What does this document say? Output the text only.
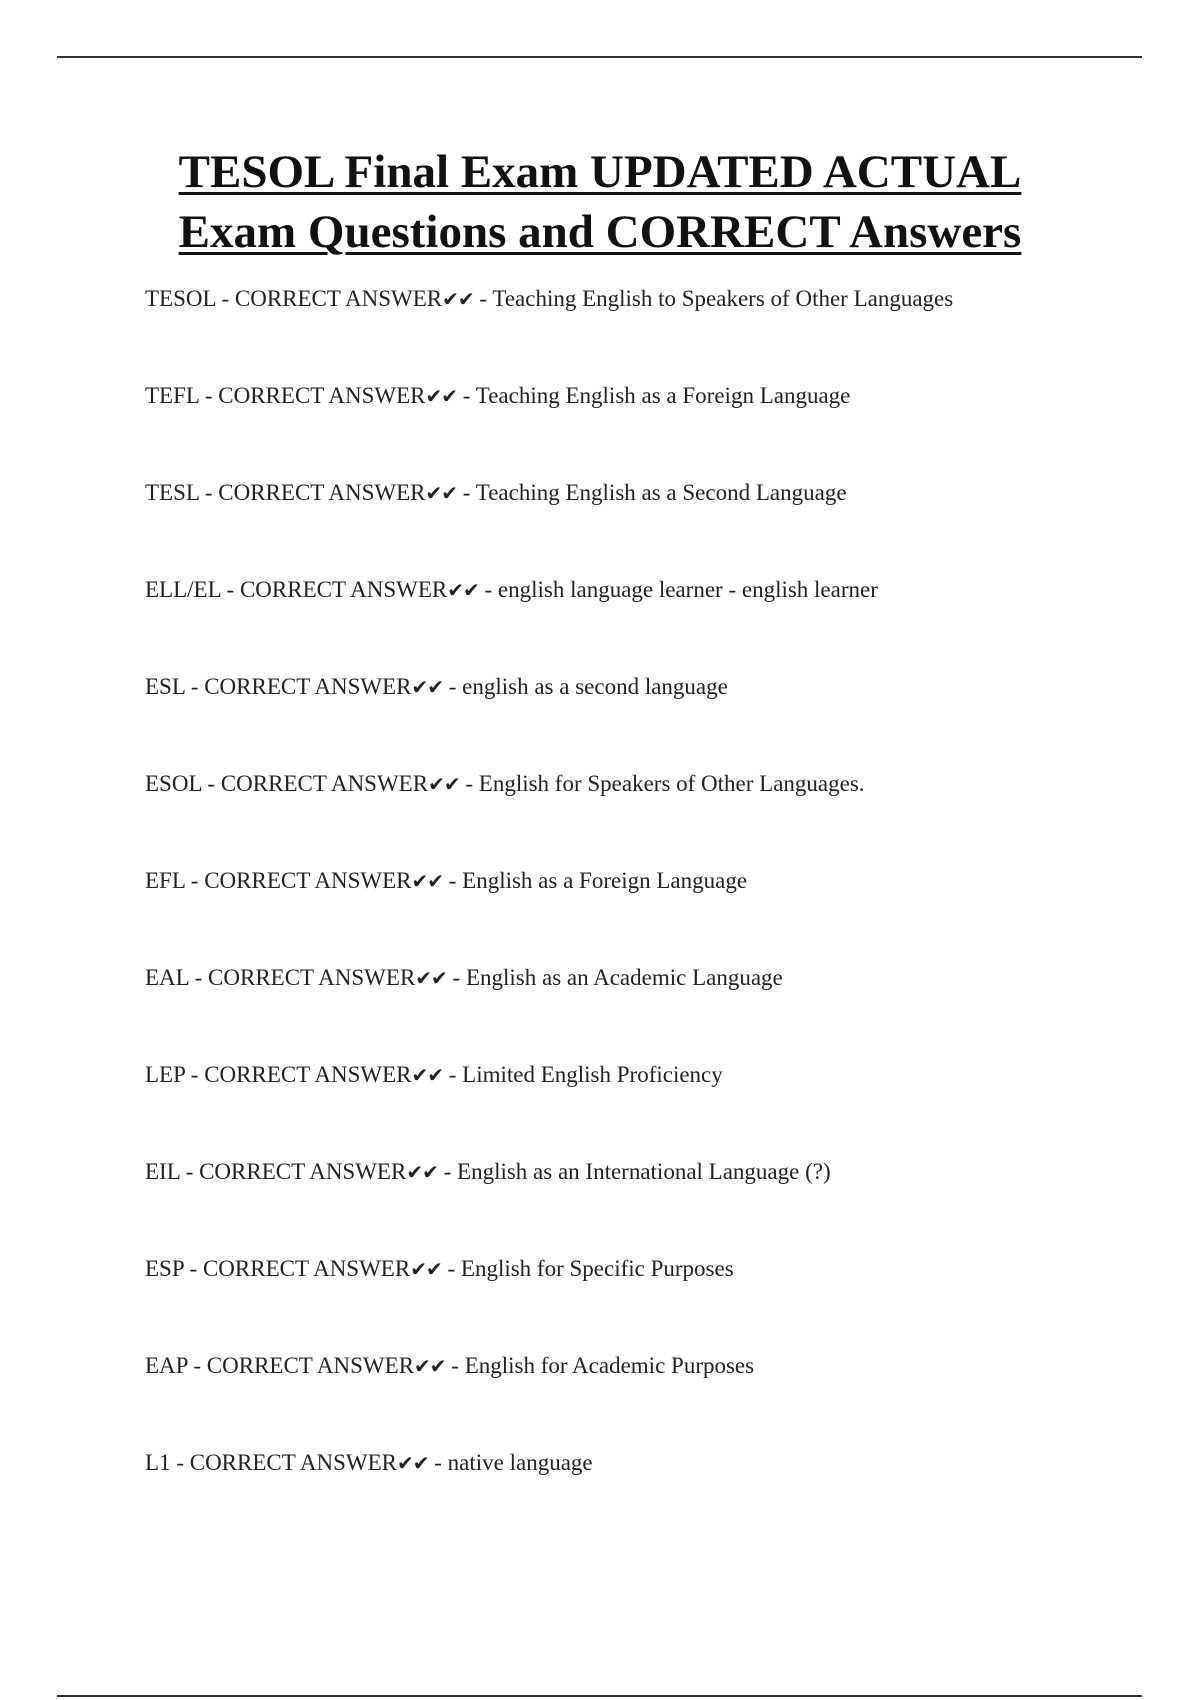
TESOL Final Exam UPDATED ACTUAL
Exam Questions and CORRECT Answers
TESOL - CORRECT ANSWER✔✔ - Teaching English to Speakers of Other Languages
TEFL - CORRECT ANSWER✔✔ - Teaching English as a Foreign Language
TESL - CORRECT ANSWER✔✔ - Teaching English as a Second Language
ELL/EL - CORRECT ANSWER✔✔ - english language learner - english learner
ESL - CORRECT ANSWER✔✔ - english as a second language
ESOL - CORRECT ANSWER✔✔ - English for Speakers of Other Languages.
EFL - CORRECT ANSWER✔✔ - English as a Foreign Language
EAL - CORRECT ANSWER✔✔ - English as an Academic Language
LEP - CORRECT ANSWER✔✔ - Limited English Proficiency
EIL - CORRECT ANSWER✔✔ - English as an International Language (?)
ESP - CORRECT ANSWER✔✔ - English for Specific Purposes
EAP - CORRECT ANSWER✔✔ - English for Academic Purposes
L1 - CORRECT ANSWER✔✔ - native language
